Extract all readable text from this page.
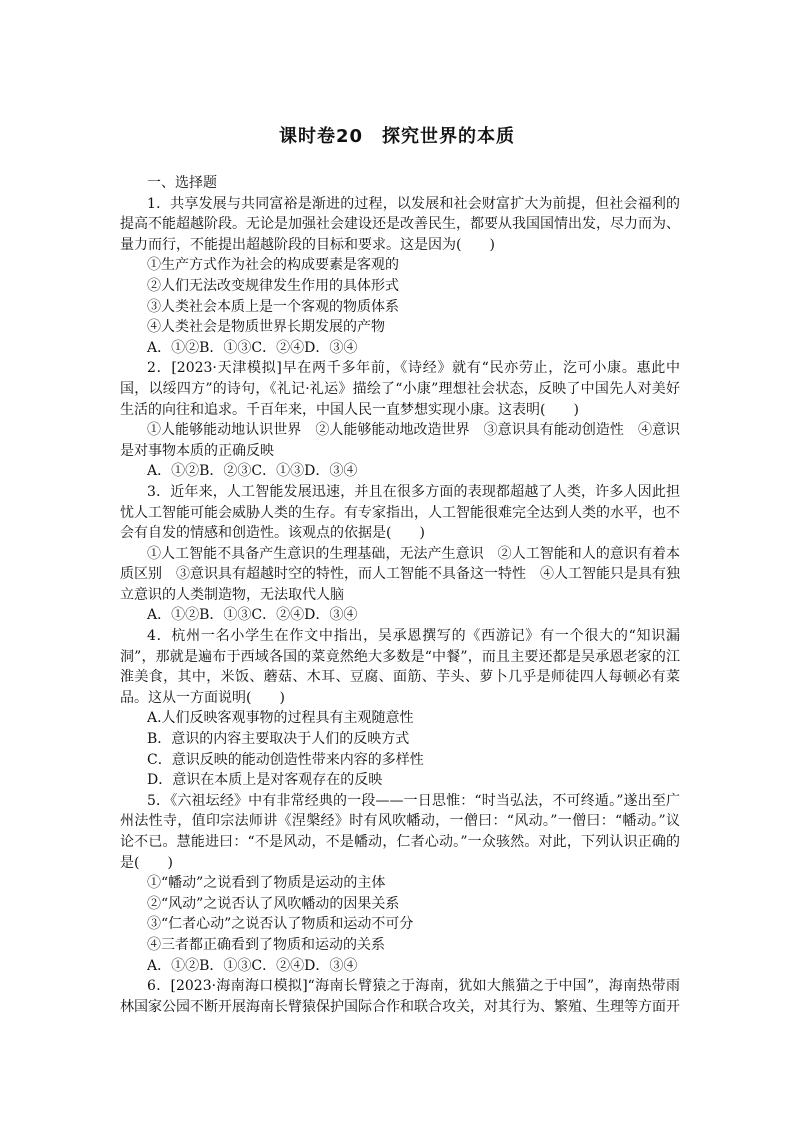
课时卷20　探究世界的本质
一、选择题
1．共享发展与共同富裕是渐进的过程，以发展和社会财富扩大为前提，但社会福利的提高不能超越阶段。无论是加强社会建设还是改善民生，都要从我国国情出发，尽力而为、量力而行，不能提出超越阶段的目标和要求。这是因为(　　)
①生产方式作为社会的构成要素是客观的
②人们无法改变规律发生作用的具体形式
③人类社会本质上是一个客观的物质体系
④人类社会是物质世界长期发展的产物
A．①②B．①③C．②④D．③④
2．[2023·天津模拟]早在两千多年前，《诗经》就有“民亦劳止，汔可小康。惠此中国，以绥四方”的诗句，《礼记·礼运》描绘了“小康”理想社会状态，反映了中国先人对美好生活的向往和追求。千百年来，中国人民一直梦想实现小康。这表明(　　)
①人能够能动地认识世界　②人能够能动地改造世界　③意识具有能动创造性　④意识是对事物本质的正确反映
A．①②B．②③C．①③D．③④
3．近年来，人工智能发展迅速，并且在很多方面的表现都超越了人类，许多人因此担忧人工智能可能会威胁人类的生存。有专家指出，人工智能很难完全达到人类的水平，也不会有自发的情感和创造性。该观点的依据是(　　)
①人工智能不具备产生意识的生理基础，无法产生意识　②人工智能和人的意识有着本质区别　③意识具有超越时空的特性，而人工智能不具备这一特性　④人工智能只是具有独立意识的人类制造物，无法取代人脑
A．①②B．①③C．②④D．③④
4．杭州一名小学生在作文中指出，吴承恩撰写的《西游记》有一个很大的“知识漏洞”，那就是遍布于西域各国的菜竟然绝大多数是“中餐”，而且主要还都是吴承恩老家的江淮美食，其中，米饭、蘑菇、木耳、豆腐、面筋、芋头、萝卜几乎是师徒四人每顿必有菜品。这从一方面说明(　　)
A.人们反映客观事物的过程具有主观随意性
B．意识的内容主要取决于人们的反映方式
C．意识反映的能动创造性带来内容的多样性
D．意识在本质上是对客观存在的反映
5．《六祖坛经》中有非常经典的一段——一日思惟：“时当弘法，不可终遁。”遂出至广州法性寺，值印宗法师讲《涅槃经》时有风吹幡动，一僧曰：“风动。”一僧曰：“幡动。”议论不已。慧能进曰：“不是风动，不是幡动，仁者心动。”一众骇然。对此，下列认识正确的是(　　)
①“幡动”之说看到了物质是运动的主体
②“风动”之说否认了风吹幡动的因果关系
③“仁者心动”之说否认了物质和运动不可分
④三者都正确看到了物质和运动的关系
A．①②B．①③C．②④D．③④
6．[2023·海南海口模拟]“海南长臂猿之于海南，犹如大熊猫之于中国”，海南热带雨林国家公园不断开展海南长臂猿保护国际合作和联合攻关，对其行为、繁殖、生理等方面开
